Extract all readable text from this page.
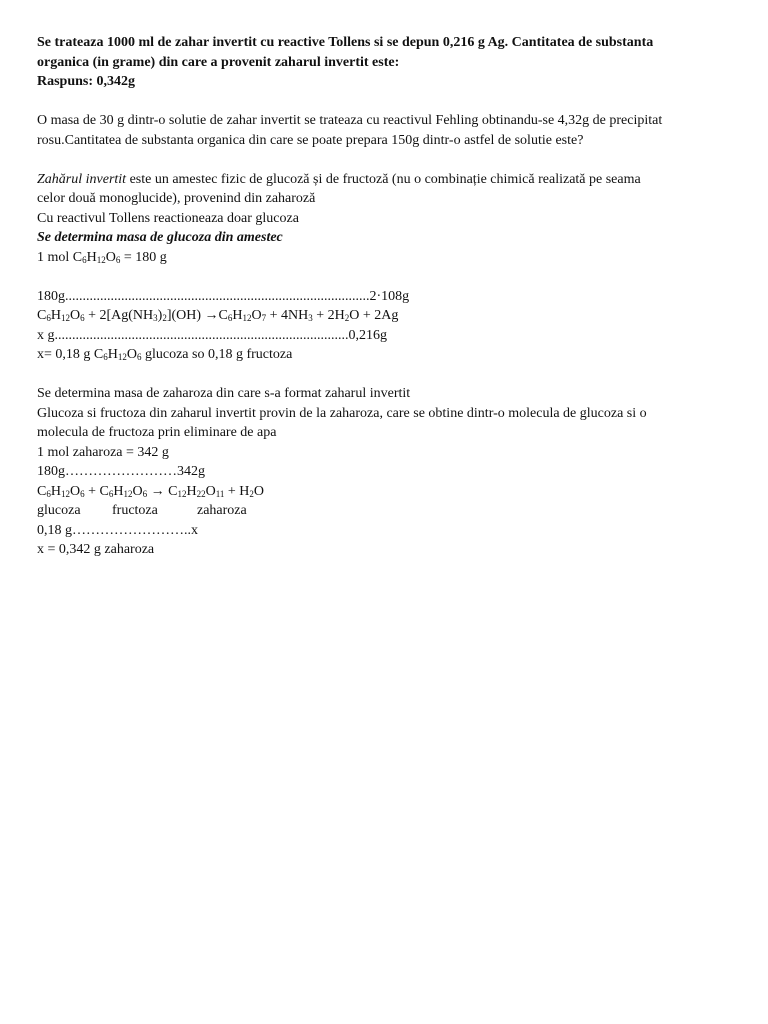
Se trateaza 1000 ml de zahar invertit cu reactive Tollens si se depun 0,216 g Ag. Cantitatea de substanta

organica (in grame) din care a provenit zaharul invertit este:

Raspuns: 0,342g

O masa de 30 g dintr-o solutie de zahar invertit se trateaza cu reactivul Fehling obtinandu-se 4,32g de precipitat

rosu.Cantitatea de substanta organica din care se poate prepara 150g dintr-o astfel de solutie este?

Zahărul invertit este un amestec fizic de glucoză și de fructoză (nu o combinație chimică realizată pe seama

celor două monoglucide), provenind din zaharoză

Cu reactivul Tollens reactioneaza doar glucoza

Se determina masa de glucoza din amestec

1 mol $C_6H_{12}O_6 = 180$ g

180g.......................................................................................2·108g

$C_6H_{12}O_6 + 2[Ag(NH_3)_2](OH) \to C_6H_{12}O_7 + 4NH_3 + 2H_2O + 2Ag$

x g....................................................................................0,216g

x= 0,18 g $C_6H_{12}O_6$ glucoza so 0,18 g fructoza

Se determina masa de zaharoza din care s-a format zaharul invertit

Glucoza si fructoza din zaharul invertit provin de la zaharoza, care se obtine dintr-o molecula de glucoza si o

molecula de fructoza prin eliminare de apa

1 mol zaharoza = 342 g

180g……………………342g

$C_6H_{12}O_6 + C_6H_{12}O_6 \to C_{12}H_{22}O_{11} + H_2O$

glucoza fructoza	zaharoza

0,18 g……………………..x

x = 0,342 g zaharoza
